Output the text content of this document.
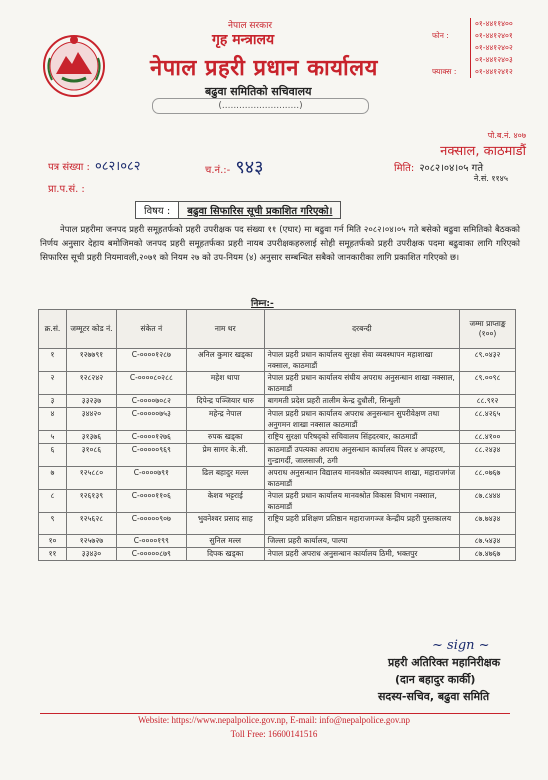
नेपाल सरकार
गृह मन्त्रालय
नेपाल प्रहरी प्रधान कार्यालय
बढुवा समितिको सचिवालय
(...........................)
०१-४४११४००
फोन :	०१-४४१२४०१
०१-४४१२४०२
०१-४४१२४०३
फ्याक्स :	०१-४४१२४१२
पो.ब.नं. ४०७
नक्साल, काठमाडौं
पत्र संख्या : ०८२।०८२	च.नं.:- ९४३	मिति: २०८२।०४।०५ गते
ने.सं. ११४५
प्रा.प.सं. :
विषय :	बढुवा सिफारिस सूची प्रकाशित गरिएको।
नेपाल प्रहरीमा जनपद प्रहरी समूहतर्फको प्रहरी उपरीक्षक पद संख्या ११ (एघार) मा बढुवा गर्न मिति २०८२।०४।०५ गते बसेको बढुवा समितिको बैठकको निर्णय अनुसार देहाय बमोजिमको जनपद प्रहरी समूहतर्फका प्रहरी नायब उपरीक्षकहरुलाई सोही समूहतर्फको प्रहरी उपरीक्षक पदमा बढुवाका लागि गरिएको सिफारिस सूची प्रहरी नियमावली,२०७१ को नियम २७ को उप-नियम (४) अनुसार सम्बन्धित सबैको जानकारीका लागि प्रकाशित गरिएको छ।
निम्न:-
क्र.सं.	जम्मूटर कोड नं.	संकेत नं	नाम थर	दरबन्दी	जम्मा प्राप्ताङ्क (१००)
१	१२७७९१	C-००००१२८७	अनिल कुमार खड्का	नेपाल प्रहरी प्रधान कार्यालय सुरक्षा सेवा व्यवस्थापन महाशाखा नक्साल, काठमाडौं	८९.०४३२
२	१२८२४२	C-००००८०२८८	महेश थापा	नेपाल प्रहरी प्रधान कार्यालय संघीय अपराध अनुसन्धान शाखा नक्साल, काठमाडौं	८९.००९८
३	३३२३७	C-००००७०८२	दिपेन्द्र पञ्जियार थारु	बागमती प्रदेश प्रहरी तालीम केन्द्र दुधौली, सिन्धुली	८८.९१२
४	३४४२०	C-०००००७५३	महेन्द्र नेपाल	नेपाल प्रहरी प्रधान कार्यालय अपराध अनुसन्धान सुपरीवेक्षण तथा अनुगमन शाखा नक्साल काठमाडौं	८८.४२६५
५	३१३७६	C-००००१२७६	रुपक खड्का	राष्ट्रिय सुरक्षा परिषद्को सचिवालय सिंहदरबार, काठमाडौं	८८.४१००
६	३१०८६	C-०००००९६९	प्रेम सागर के.सी.	काठमाडौं उपत्यका अपराध अनुसन्धान कार्यालय पिलर ४ अपहरण, गुन्डागर्दी, जालसाजी, ठगी	८८.२४३४
७	१२५८८०	C-००००७९१	ढिल बहादुर मल्ल	अपराध अनुसन्धान विद्यालय मानवश्रोत व्यवस्थापन शाखा, महाराजगंज काठमाडौं	८८.०७६७
८	१२६१३९	C-००००११०६	केशव भट्टराई	नेपाल प्रहरी प्रधान कार्यालय मानवश्रोत विकास विभाग नक्साल, काठमाडौं	८७.८४४४
९	१२५६२८	C-०००००९०७	भुवनेश्वर प्रसाद साह	राष्ट्रिय प्रहरी प्रशिक्षण प्रतिष्ठान महाराजगञ्ज केन्द्रीय प्रहरी पुस्तकालय	८७.७४३४
१०	१२५७२७	C-००००१९९	सुनिल मल्ल	जिल्ला प्रहरी कार्यालय, पाल्पा	८७.५४३४
११	३३४३०	C-०००००८७९	दिपक खड्का	नेपाल प्रहरी अपराध अनुसन्धान कार्यालय ठिमी, भक्तपुर	८७.४७६७
~ sign ~
प्रहरी अतिरिक्त महानिरीक्षक
(दान बहादुर कार्की)
सदस्य-सचिव, बढुवा समिति
Website: https://www.nepalpolice.gov.np, E-mail: info@nepalpolice.gov.np
Toll Free: 16600141516
